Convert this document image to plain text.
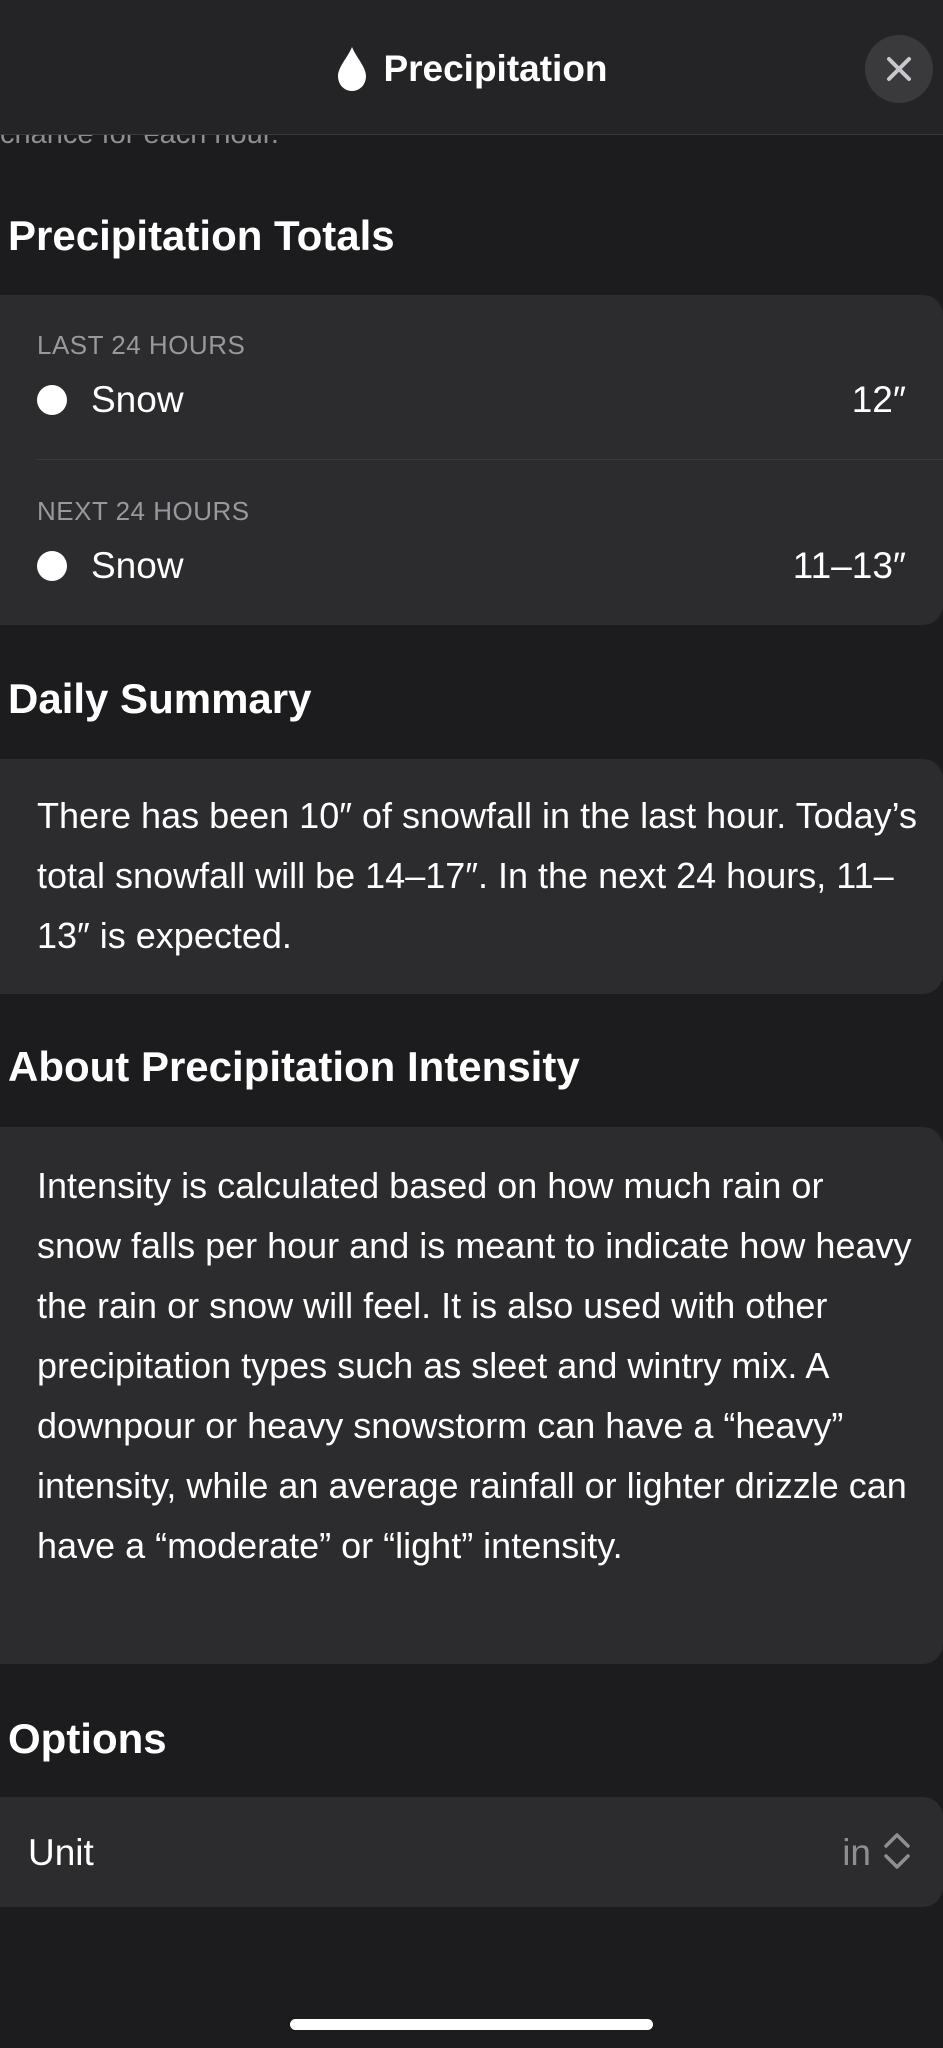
Precipitation
Precipitation Totals
LAST 24 HOURS
Snow	12″
NEXT 24 HOURS
Snow	11–13″
Daily Summary
There has been 10″ of snowfall in the last hour. Today’s total snowfall will be 14–17″. In the next 24 hours, 11–13″ is expected.
About Precipitation Intensity
Intensity is calculated based on how much rain or snow falls per hour and is meant to indicate how heavy the rain or snow will feel. It is also used with other precipitation types such as sleet and wintry mix. A downpour or heavy snowstorm can have a “heavy” intensity, while an average rainfall or lighter drizzle can have a “moderate” or “light” intensity.
Options
Unit	in
